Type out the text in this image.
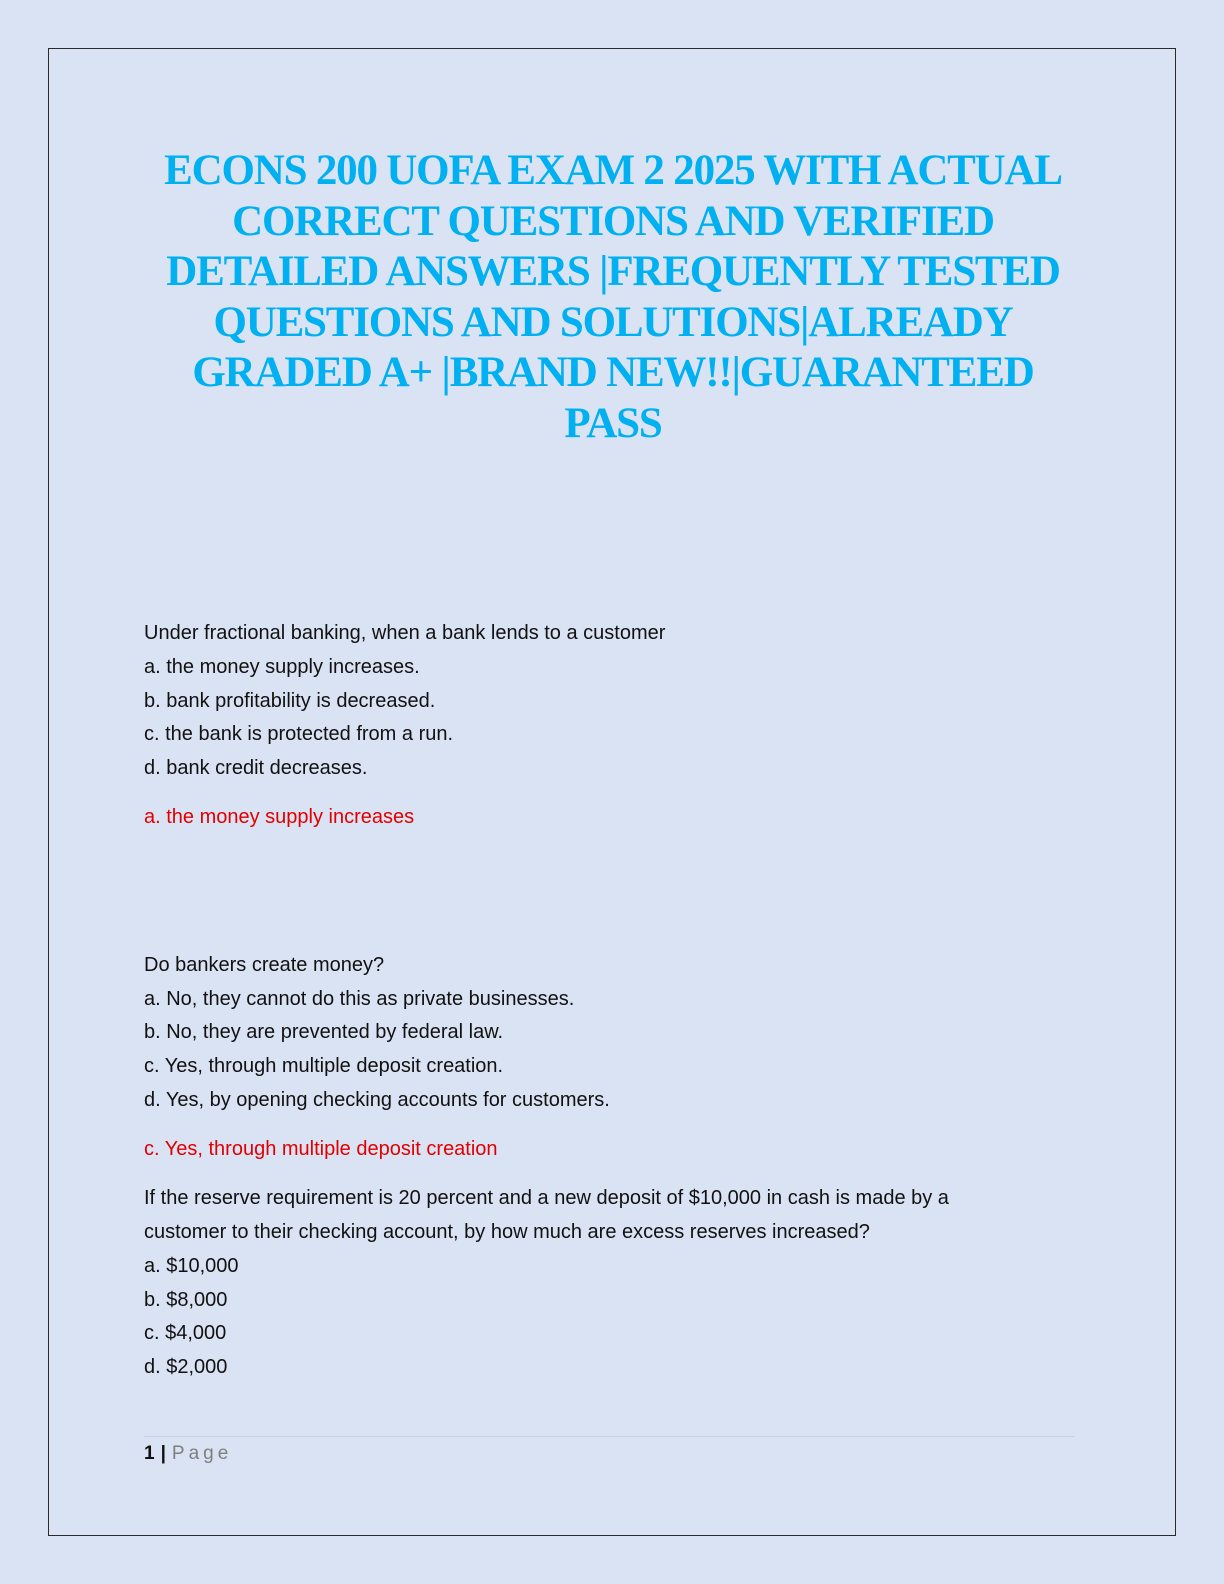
ECONS 200 UOFA EXAM 2 2025 WITH ACTUAL
CORRECT QUESTIONS AND VERIFIED
DETAILED ANSWERS |FREQUENTLY TESTED
QUESTIONS AND SOLUTIONS|ALREADY
GRADED A+ |BRAND NEW!!|GUARANTEED
PASS
Under fractional banking, when a bank lends to a customer
a. the money supply increases.
b. bank profitability is decreased.
c. the bank is protected from a run.
d. bank credit decreases.
a. the money supply increases
Do bankers create money?
a. No, they cannot do this as private businesses.
b. No, they are prevented by federal law.
c. Yes, through multiple deposit creation.
d. Yes, by opening checking accounts for customers.
c. Yes, through multiple deposit creation
If the reserve requirement is 20 percent and a new deposit of $10,000 in cash is made by a
customer to their checking account, by how much are excess reserves increased?
a. $10,000
b. $8,000
c. $4,000
d. $2,000
1 | Page
